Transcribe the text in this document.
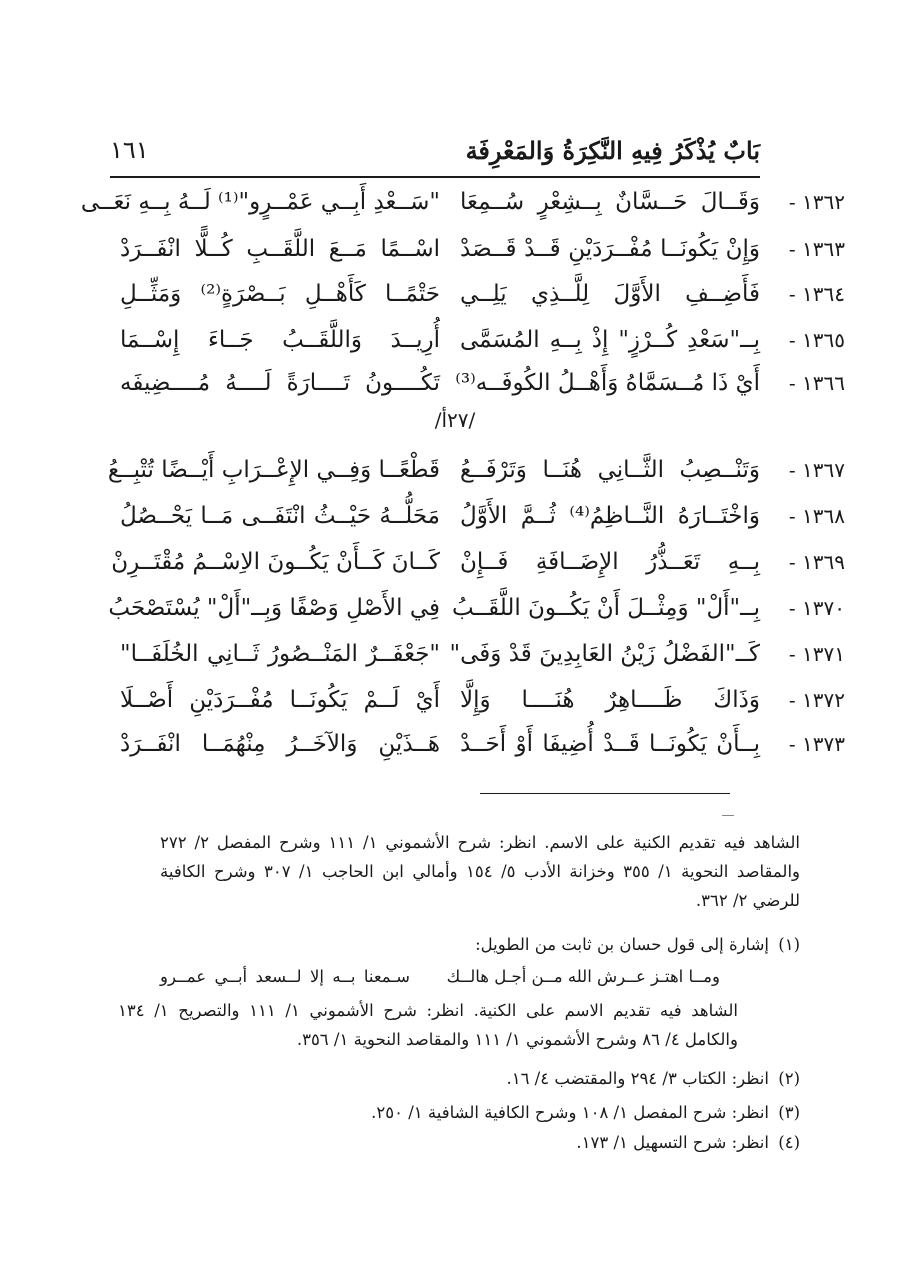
بَابٌ يُذْكَرُ فِيهِ النَّكِرَةُ وَالمَعْرِفَة
١٦١
١٣٦٢ -
وَقَــالَ حَــسَّانٌ بِــشِعْرٍ سُــمِعَا
"سَــعْدِ أَبِــي عَمْــرٍو"⁽¹⁾ لَــهُ بِــهِ نَعَــى
١٣٦٣ -
وَإِنْ يَكُونَــا مُفْــرَدَيْنِ قَــدْ قَــصَدْ
اسْــمًا مَــعَ اللَّقَــبِ كُــلًّا انْفَــرَدْ
١٣٦٤ -
فَأَضِــفِ الأَوَّلَ لِلَّــذِي يَلِــي
حَتْمًــا كَأَهْــلِ بَــصْرَةٍ⁽²⁾ وَمَثِّــلِ
١٣٦٥ -
بِــ"سَعْدِ كُــرْزٍ" إِذْ بِــهِ المُسَمَّى
أُرِيــدَ وَاللَّقَــبُ جَــاءَ إِسْــمَا
١٣٦٦ -
أَيْ ذَا مُــسَمَّاهُ وَأَهْــلُ الكُوفَــه⁽³⁾
تَكُــــونُ تَــــارَةً لَــــهُ مُــــضِيفَه
١٣٦٧ -
وَتَنْــصِبُ الثَّــانِي هُنَــا وَتَرْفَــعُ
قَطْعًــا وَفِــي الإِعْــرَابِ أَيْــضًا تُتْبِــعُ
١٣٦٨ -
وَاخْتَــارَهُ النَّــاظِمُ⁽⁴⁾ ثُــمَّ الأَوَّلُ
مَحَلُّــهُ حَيْــثُ انْتَفَــى مَــا يَحْــصُلُ
١٣٦٩ -
بِــهِ تَعَــذُّرُ الإِضَــافَةِ فَــإِنْ
كَــانَ كَــأَنْ يَكُــونَ الاِسْــمُ مُقْتَــرِنْ
١٣٧٠ -
بِــ"أَلْ" وَمِثْــلَ أَنْ يَكُــونَ اللَّقَــبُ
فِي الأَصْلِ وَصْفًا وَبِــ"أَلْ" يُسْتَصْحَبُ
١٣٧١ -
كَــ"الفَضْلُ زَيْنُ العَابِدِينَ قَدْ وَفَى"
"جَعْفَــرٌ المَنْــصُورُ ثَــانِي الخُلَفَــا"
١٣٧٢ -
وَذَاكَ ظَــــاهِرٌ هُنَــــا وَإِلَّا
أَيْ لَــمْ يَكُونَــا مُفْــرَدَيْنِ أَصْــلَا
١٣٧٣ -
بِــأَنْ يَكُونَــا قَــدْ أُضِيفَا أَوْ أَحَــدْ
هَــذَيْنِ وَالآخَــرُ مِنْهُمَــا انْفَــرَدْ
/٢٧أ/
الشاهد فيه تقديم الكنية على الاسم. انظر: شرح الأشموني ١/ ١١١ وشرح المفصل ٢/ ٢٧٢ والمقاصد النحوية ١/ ٣٥٥ وخزانة الأدب ٥/ ١٥٤ وأمالي ابن الحاجب ١/ ٣٠٧ وشرح الكافية للرضي ٢/ ٣٦٢.
(١) إشارة إلى قول حسان بن ثابت من الطويل:
ومــا اهتـز عــرش الله مــن أجـل هالــك
سـمعنا بــه إلا لــسعد أبــي عمــرو
الشاهد فيه تقديم الاسم على الكنية. انظر: شرح الأشموني ١/ ١١١ والتصريح ١/ ١٣٤ والكامل ٤/ ٨٦ وشرح الأشموني ١/ ١١١ والمقاصد النحوية ١/ ٣٥٦.
(٢) انظر: الكتاب ٣/ ٢٩٤ والمقتضب ٤/ ١٦.
(٣) انظر: شرح المفصل ١/ ١٠٨ وشرح الكافية الشافية ١/ ٢٥٠.
(٤) انظر: شرح التسهيل ١/ ١٧٣.
